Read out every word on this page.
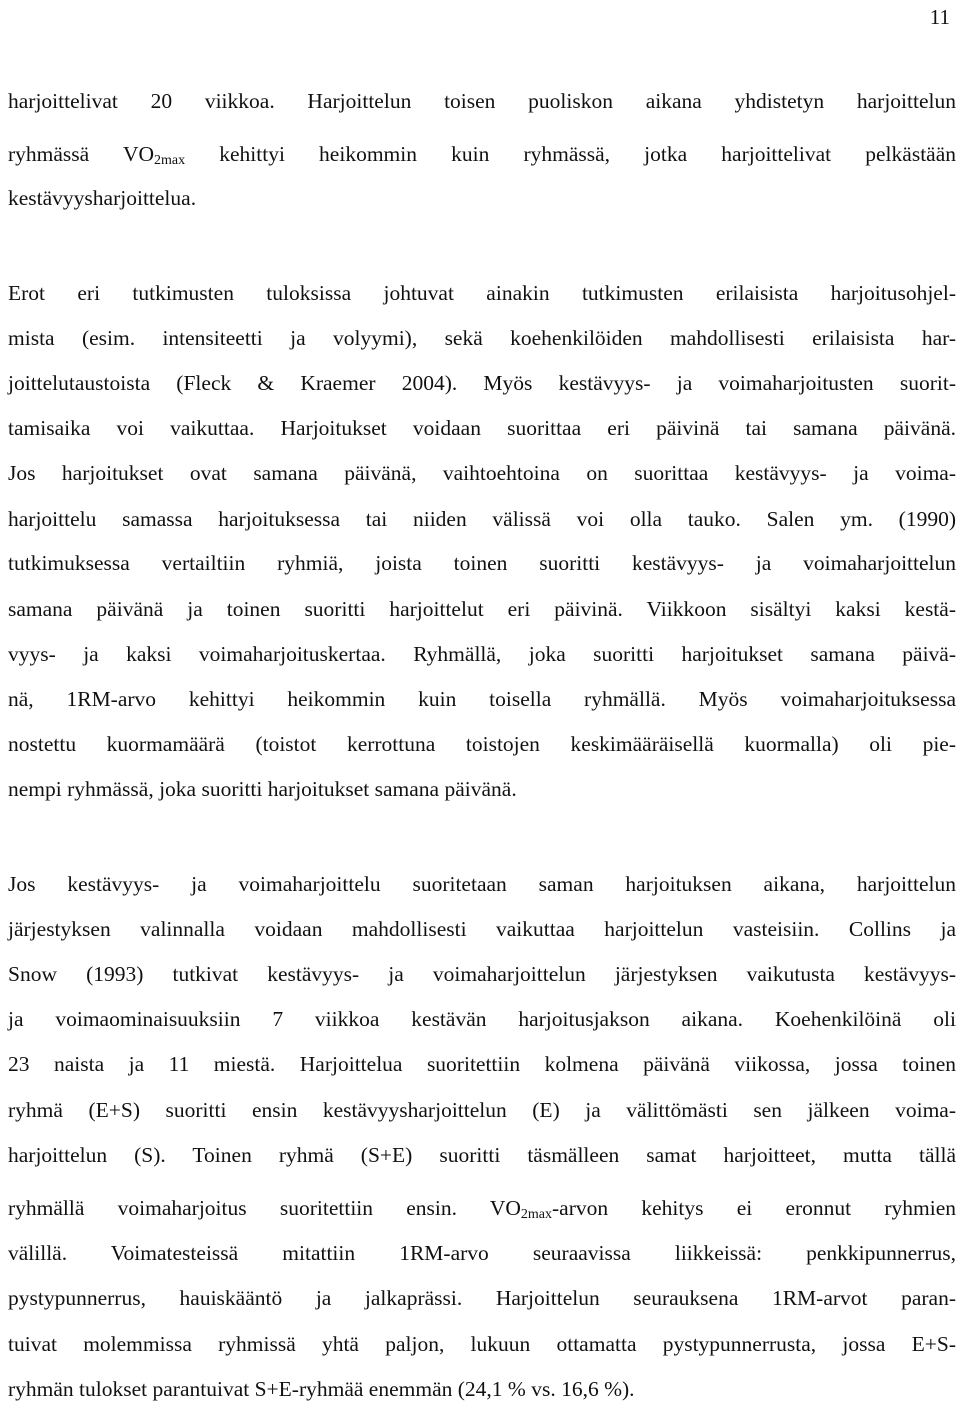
11
harjoittelivat 20 viikkoa. Harjoittelun toisen puoliskon aikana yhdistetyn harjoittelun
ryhmässä $VO_{2max}$ kehittyi heikommin kuin ryhmässä, jotka harjoittelivat pelkästään
kestävyysharjoittelua.
Erot eri tutkimusten tuloksissa johtuvat ainakin tutkimusten erilaisista harjoitusohjel-
mista (esim. intensiteetti ja volyymi), sekä koehenkilöiden mahdollisesti erilaisista har-
joittelutaustoista (Fleck & Kraemer 2004). Myös kestävyys- ja voimaharjoitusten suorit-
tamisaika voi vaikuttaa. Harjoitukset voidaan suorittaa eri päivinä tai samana päivänä.
Jos harjoitukset ovat samana päivänä, vaihtoehtoina on suorittaa kestävyys- ja voima-
harjoittelu samassa harjoituksessa tai niiden välissä voi olla tauko. Salen ym. (1990)
tutkimuksessa vertailtiin ryhmiä, joista toinen suoritti kestävyys- ja voimaharjoittelun
samana päivänä ja toinen suoritti harjoittelut eri päivinä. Viikkoon sisältyi kaksi kestä-
vyys- ja kaksi voimaharjoituskertaa. Ryhmällä, joka suoritti harjoitukset samana päivä-
nä, 1RM-arvo kehittyi heikommin kuin toisella ryhmällä. Myös voimaharjoituksessa
nostettu kuormamäärä (toistot kerrottuna toistojen keskimääräisellä kuormalla) oli pie-
nempi ryhmässä, joka suoritti harjoitukset samana päivänä.
Jos kestävyys- ja voimaharjoittelu suoritetaan saman harjoituksen aikana, harjoittelun
järjestyksen valinnalla voidaan mahdollisesti vaikuttaa harjoittelun vasteisiin. Collins ja
Snow (1993) tutkivat kestävyys- ja voimaharjoittelun järjestyksen vaikutusta kestävyys-
ja voimaominaisuuksiin 7 viikkoa kestävän harjoitusjakson aikana. Koehenkilöinä oli
23 naista ja 11 miestä. Harjoittelua suoritettiin kolmena päivänä viikossa, jossa toinen
ryhmä (E+S) suoritti ensin kestävyysharjoittelun (E) ja välittömästi sen jälkeen voima-
harjoittelun (S). Toinen ryhmä (S+E) suoritti täsmälleen samat harjoitteet, mutta tällä
ryhmällä voimaharjoitus suoritettiin ensin. $VO_{2max}$-arvon kehitys ei eronnut ryhmien
välillä. Voimatesteissä mitattiin 1RM-arvo seuraavissa liikkeissä: penkkipunnerrus,
pystypunnerrus, hauiskääntö ja jalkaprässi. Harjoittelun seurauksena 1RM-arvot paran-
tuivat molemmissa ryhmissä yhtä paljon, lukuun ottamatta pystypunnerrusta, jossa E+S-
ryhmän tulokset parantuivat S+E-ryhmää enemmän (24,1 % vs. 16,6 %).
